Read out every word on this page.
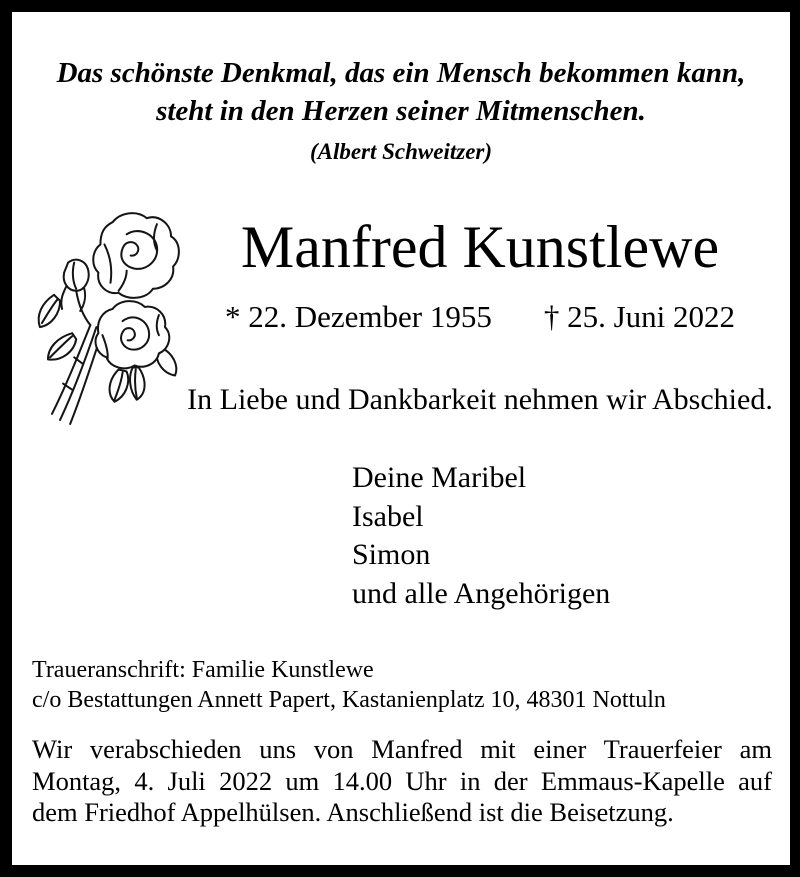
Das schönste Denkmal, das ein Mensch bekommen kann,
steht in den Herzen seiner Mitmenschen.
(Albert Schweitzer)
Manfred Kunstlewe
* 22. Dezember 1955 † 25. Juni 2022
In Liebe und Dankbarkeit nehmen wir Abschied.
Deine Maribel
Isabel
Simon
und alle Angehörigen
Traueranschrift: Familie Kunstlewe
c/o Bestattungen Annett Papert, Kastanienplatz 10, 48301 Nottuln
Wir verabschieden uns von Manfred mit einer Trauerfeier am
Montag, 4. Juli 2022 um 14.00 Uhr in der Emmaus-Kapelle auf
dem Friedhof Appelhülsen. Anschließend ist die Beisetzung.
